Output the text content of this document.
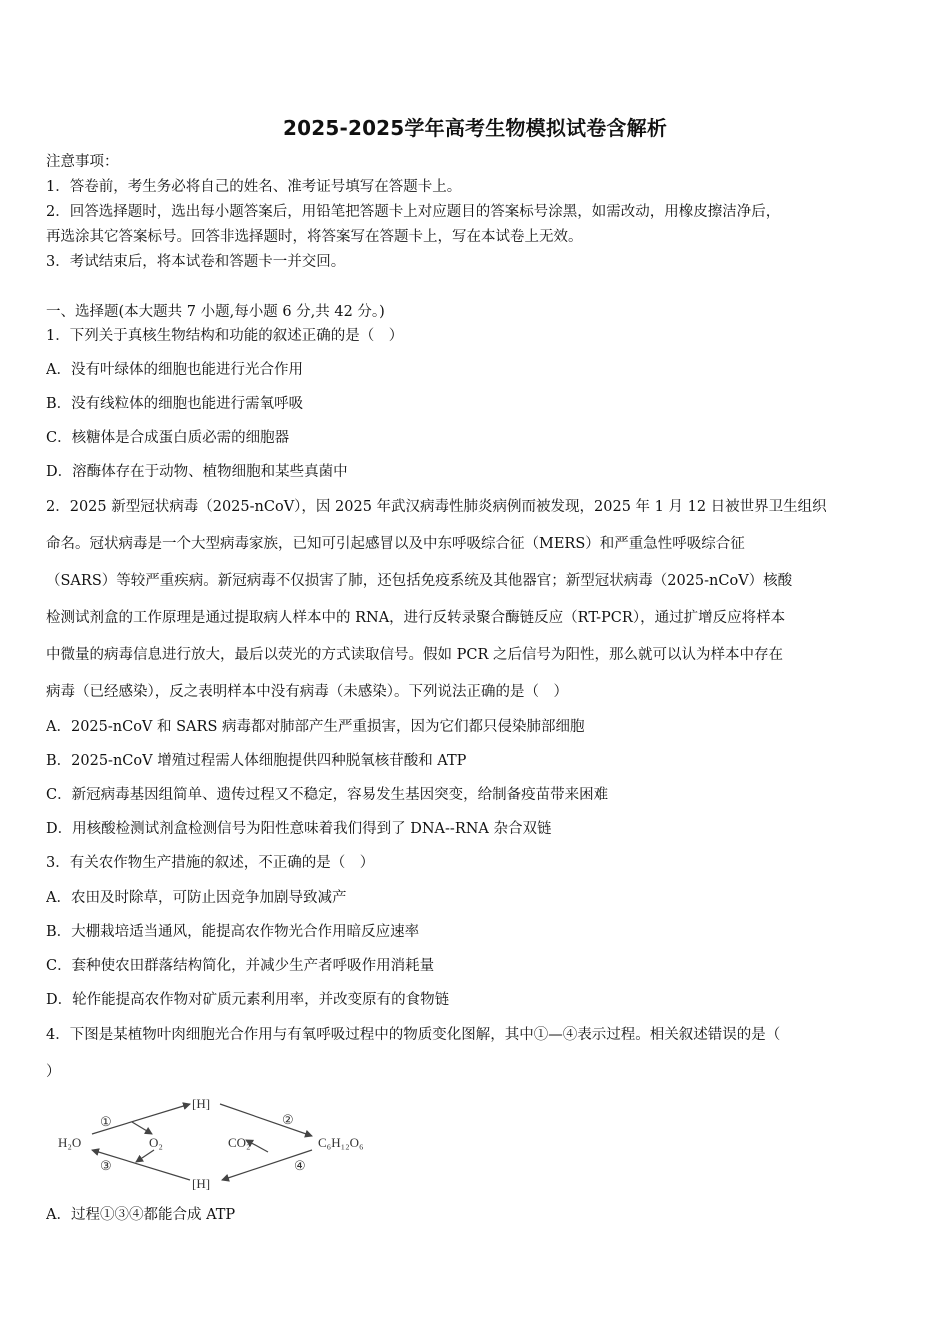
2025-2025学年高考生物模拟试卷含解析
注意事项：
1．答卷前，考生务必将自己的姓名、准考证号填写在答题卡上。
2．回答选择题时，选出每小题答案后，用铅笔把答题卡上对应题目的答案标号涂黑，如需改动，用橡皮擦洁净后，
再选涂其它答案标号。回答非选择题时，将答案写在答题卡上，写在本试卷上无效。
3．考试结束后，将本试卷和答题卡一并交回。
一、选择题(本大题共 7 小题,每小题 6 分,共 42 分。)
1．下列关于真核生物结构和功能的叙述正确的是（　）
A．没有叶绿体的细胞也能进行光合作用
B．没有线粒体的细胞也能进行需氧呼吸
C．核糖体是合成蛋白质必需的细胞器
D．溶酶体存在于动物、植物细胞和某些真菌中
2．2025 新型冠状病毒（2025-nCoV），因 2025 年武汉病毒性肺炎病例而被发现，2025 年 1 月 12 日被世界卫生组织
命名。冠状病毒是一个大型病毒家族，已知可引起感冒以及中东呼吸综合征（MERS）和严重急性呼吸综合征
（SARS）等较严重疾病。新冠病毒不仅损害了肺，还包括免疫系统及其他器官；新型冠状病毒（2025-nCoV）核酸
检测试剂盒的工作原理是通过提取病人样本中的 RNA，进行反转录聚合酶链反应（RT-PCR），通过扩增反应将样本
中微量的病毒信息进行放大，最后以荧光的方式读取信号。假如 PCR 之后信号为阳性，那么就可以认为样本中存在
病毒（已经感染），反之表明样本中没有病毒（未感染）。下列说法正确的是（　）
A．2025-nCoV 和 SARS 病毒都对肺部产生严重损害，因为它们都只侵染肺部细胞
B．2025-nCoV 增殖过程需人体细胞提供四种脱氧核苷酸和 ATP
C．新冠病毒基因组简单、遗传过程又不稳定，容易发生基因突变，给制备疫苗带来困难
D．用核酸检测试剂盒检测信号为阳性意味着我们得到了 DNA--RNA 杂合双链
3．有关农作物生产措施的叙述，不正确的是（　）
A．农田及时除草，可防止因竞争加剧导致减产
B．大棚栽培适当通风，能提高农作物光合作用暗反应速率
C．套种使农田群落结构简化，并减少生产者呼吸作用消耗量
D．轮作能提高农作物对矿质元素利用率，并改变原有的食物链
4．下图是某植物叶肉细胞光合作用与有氧呼吸过程中的物质变化图解，其中①—④表示过程。相关叙述错误的是（
）
H₂O
[H]
[H]
O₂	CO₂	C₆H₁₂O₆
①	②
③	④
A．过程①③④都能合成 ATP
